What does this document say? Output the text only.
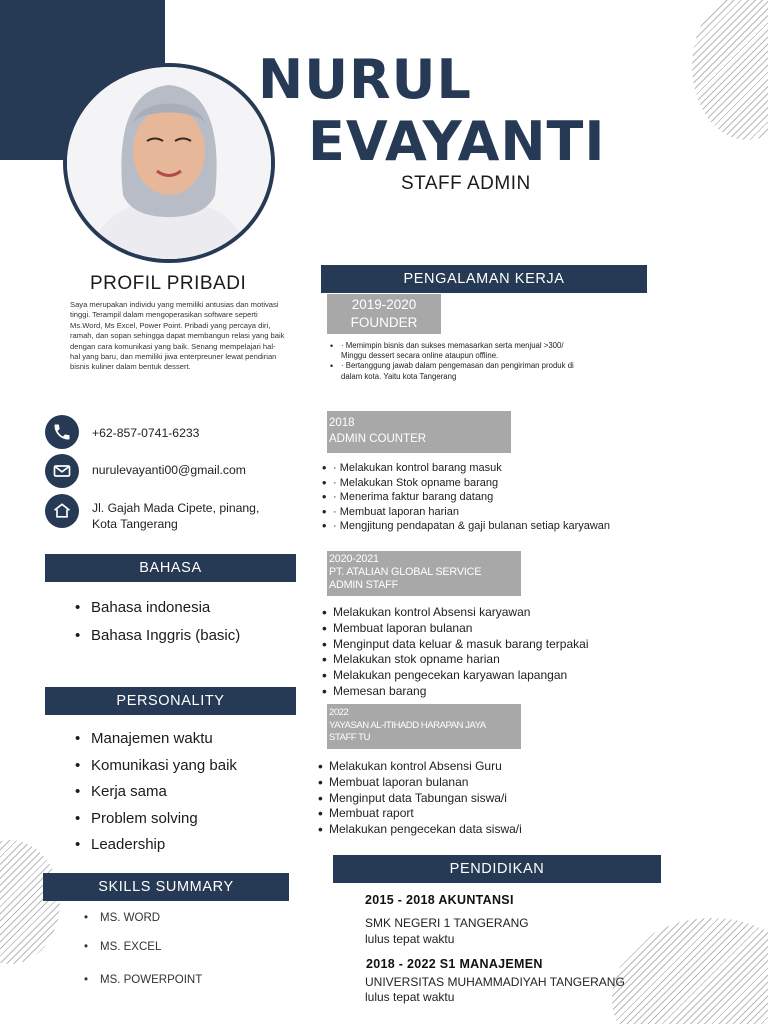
NURUL
EVAYANTI
STAFF ADMIN
PROFIL PRIBADI
Saya merupakan individu yang memiliki antusias dan motivasi tinggi. Terampil dalam mengoperasikan software seperti Ms.Word, Ms Excel, Power Point. Pribadi yang percaya diri, ramah, dan sopan sehingga dapat membangun relasi yang baik dengan cara komunikasi yang baik. Senang mempelajari hal-hal yang baru, dan memiliki jiwa enterpreuner lewat pendirian bisnis kuliner dalam bentuk dessert.
+62-857-0741-6233
nurulevayanti00@gmail.com
Jl. Gajah Mada Cipete, pinang,
Kota Tangerang
BAHASA
• Bahasa indonesia
• Bahasa Inggris (basic)
PERSONALITY
• Manajemen waktu
• Komunikasi yang baik
• Kerja sama
• Problem solving
• Leadership
SKILLS SUMMARY
• MS. WORD
• MS. EXCEL
• MS. POWERPOINT
PENGALAMAN KERJA
2019-2020
FOUNDER
• · Memimpin bisnis dan sukses memasarkan serta menjual >300/ Minggu dessert secara online ataupun offline.
• · Bertanggung jawab dalam pengemasan dan pengiriman produk di dalam kota. Yaitu kota Tangerang
2018
ADMIN COUNTER
• · Melakukan kontrol barang masuk
• · Melakukan Stok opname barang
• · Menerima faktur barang datang
• · Membuat laporan harian
• · Mengjitung pendapatan & gaji bulanan setiap karyawan
2020-2021
PT. ATALIAN GLOBAL SERVICE
ADMIN STAFF
• Melakukan kontrol Absensi karyawan
• Membuat laporan bulanan
• Menginput data keluar & masuk barang terpakai
• Melakukan stok opname harian
• Melakukan pengecekan karyawan lapangan
• Memesan barang
2022
YAYASAN AL-ITIHADD HARAPAN JAYA
STAFF TU
• Melakukan kontrol Absensi Guru
• Membuat laporan bulanan
• Menginput data Tabungan siswa/i
• Membuat raport
• Melakukan pengecekan data siswa/i
PENDIDIKAN
2015 - 2018 AKUNTANSI
SMK NEGERI 1 TANGERANG
lulus tepat waktu
2018 - 2022 S1 MANAJEMEN
UNIVERSITAS MUHAMMADIYAH TANGERANG
lulus tepat waktu
